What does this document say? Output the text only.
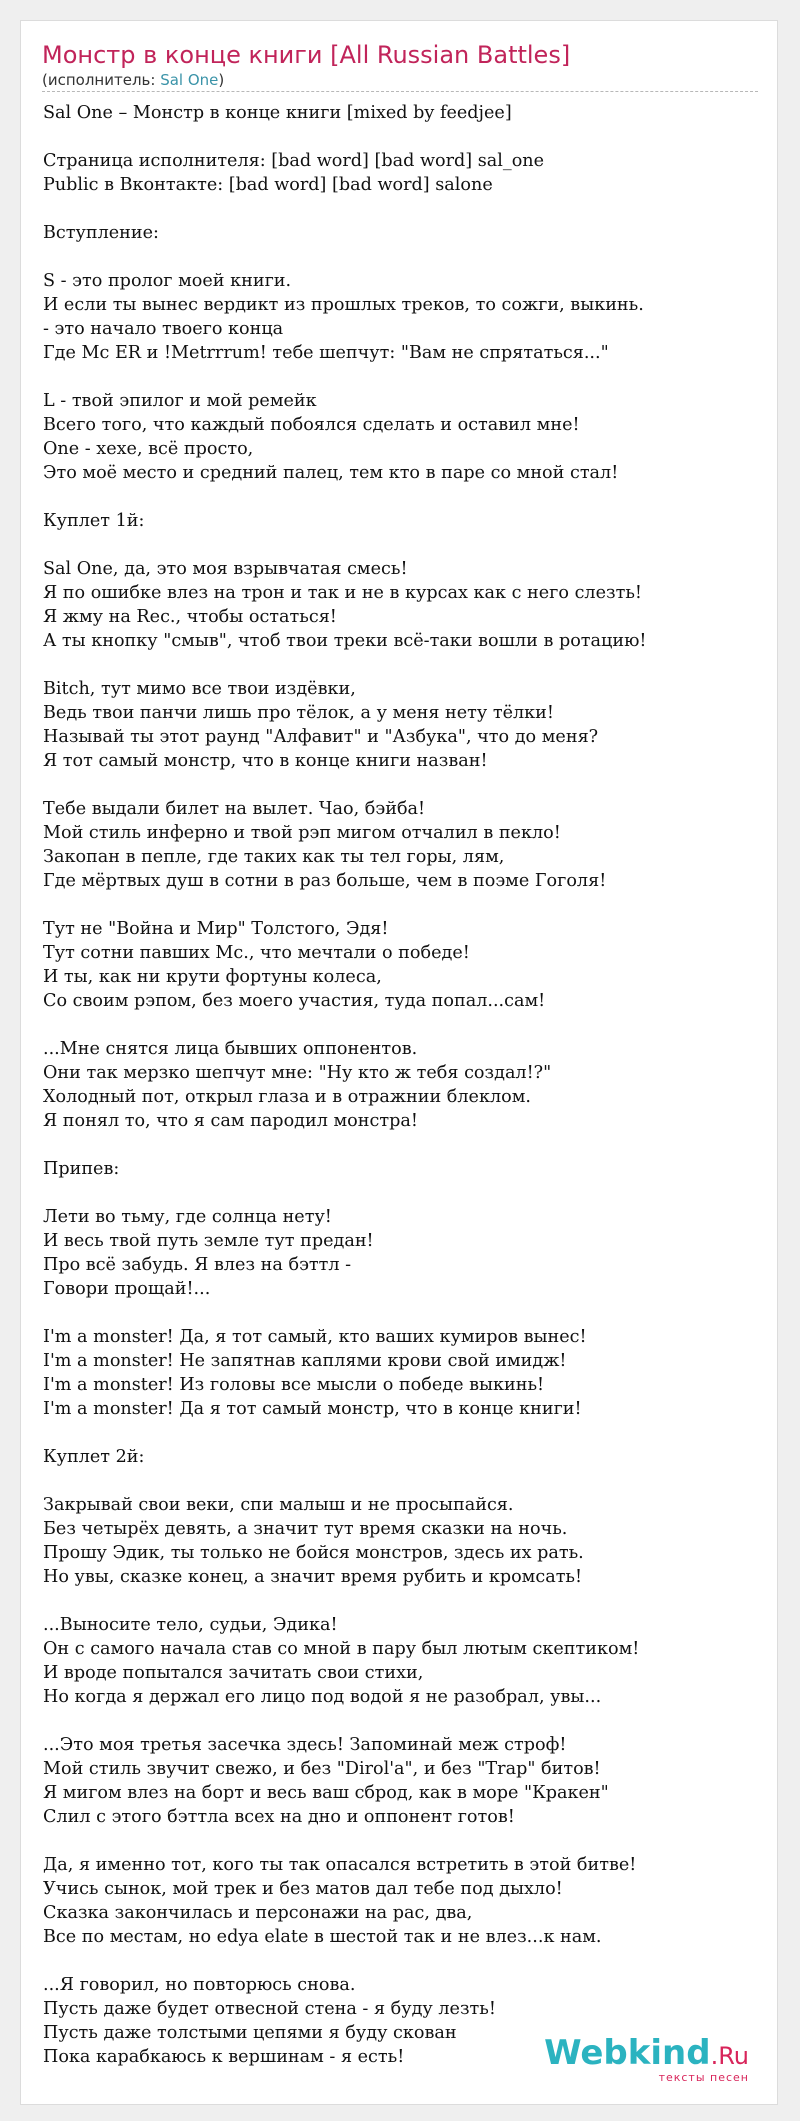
Монстр в конце книги [All Russian Battles]
(исполнитель: Sal One)
Sal One – Монстр в конце книги [mixed by feedjee]
Страница исполнителя: [bad word] [bad word] sal_one
Public в Вконтакте: [bad word] [bad word] salone
Вступление:
S - это пролог моей книги.
И если ты вынес вердикт из прошлых треков, то сожги, выкинь.
- это начало твоего конца
Где Mc ER и !Metrrrum! тебе шепчут: "Вам не спрятаться..."
L - твой эпилог и мой ремейк
Всего того, что каждый побоялся сделать и оставил мне!
One - хехе, всё просто,
Это моё место и средний палец, тем кто в паре со мной стал!
Куплет 1й:
Sal One, да, это моя взрывчатая смесь!
Я по ошибке влез на трон и так и не в курсах как с него слезть!
Я жму на Rec., чтобы остаться!
А ты кнопку "смыв", чтоб твои треки всё-таки вошли в ротацию!
Bitch, тут мимо все твои издёвки,
Ведь твои панчи лишь про тёлок, а у меня нету тёлки!
Называй ты этот раунд "Алфавит" и "Азбука", что до меня?
Я тот самый монстр, что в конце книги назван!
Тебе выдали билет на вылет. Чао, бэйба!
Мой стиль инферно и твой рэп мигом отчалил в пекло!
Закопан в пепле, где таких как ты тел горы, лям,
Где мёртвых душ в сотни в раз больше, чем в поэме Гоголя!
Тут не "Война и Мир" Толстого, Эдя!
Тут сотни павших Mc., что мечтали о победе!
И ты, как ни крути фортуны колеса,
Со своим рэпом, без моего участия, туда попал...сам!
...Мне снятся лица бывших оппонентов.
Они так мерзко шепчут мне: "Ну кто ж тебя создал!?"
Холодный пот, открыл глаза и в отражнии блеклом.
Я понял то, что я сам пародил монстра!
Припев:
Лети во тьму, где солнца нету!
И весь твой путь земле тут предан!
Про всё забудь. Я влез на бэттл -
Говори прощай!...
I'm a monster! Да, я тот самый, кто ваших кумиров вынес!
I'm a monster! Не запятнав каплями крови свой имидж!
I'm a monster! Из головы все мысли о победе выкинь!
I'm a monster! Да я тот самый монстр, что в конце книги!
Куплет 2й:
Закрывай свои веки, спи малыш и не просыпайся.
Без четырёх девять, а значит тут время сказки на ночь.
Прошу Эдик, ты только не бойся монстров, здесь их рать.
Но увы, сказке конец, а значит время рубить и кромсать!
...Выносите тело, судьи, Эдика!
Он с самого начала став со мной в пару был лютым скептиком!
И вроде попытался зачитать свои стихи,
Но когда я держал его лицо под водой я не разобрал, увы...
...Это моя третья засечка здесь! Запоминай меж строф!
Мой стиль звучит свежо, и без "Dirol'a", и без "Trap" битов!
Я мигом влез на борт и весь ваш сброд, как в море "Кракен"
Слил с этого бэттла всех на дно и оппонент готов!
Да, я именно тот, кого ты так опасался встретить в этой битве!
Учись сынок, мой трек и без матов дал тебе под дыхло!
Сказка закончилась и персонажи на рас, два,
Все по местам, но edya elate в шестой так и не влез...к нам.
...Я говорил, но повторюсь снова.
Пусть даже будет отвесной стена - я буду лезть!
Пусть даже толстыми цепями я буду скован
Пока карабкаюсь к вершинам - я есть!	Webkind.Ru
тексты песен
